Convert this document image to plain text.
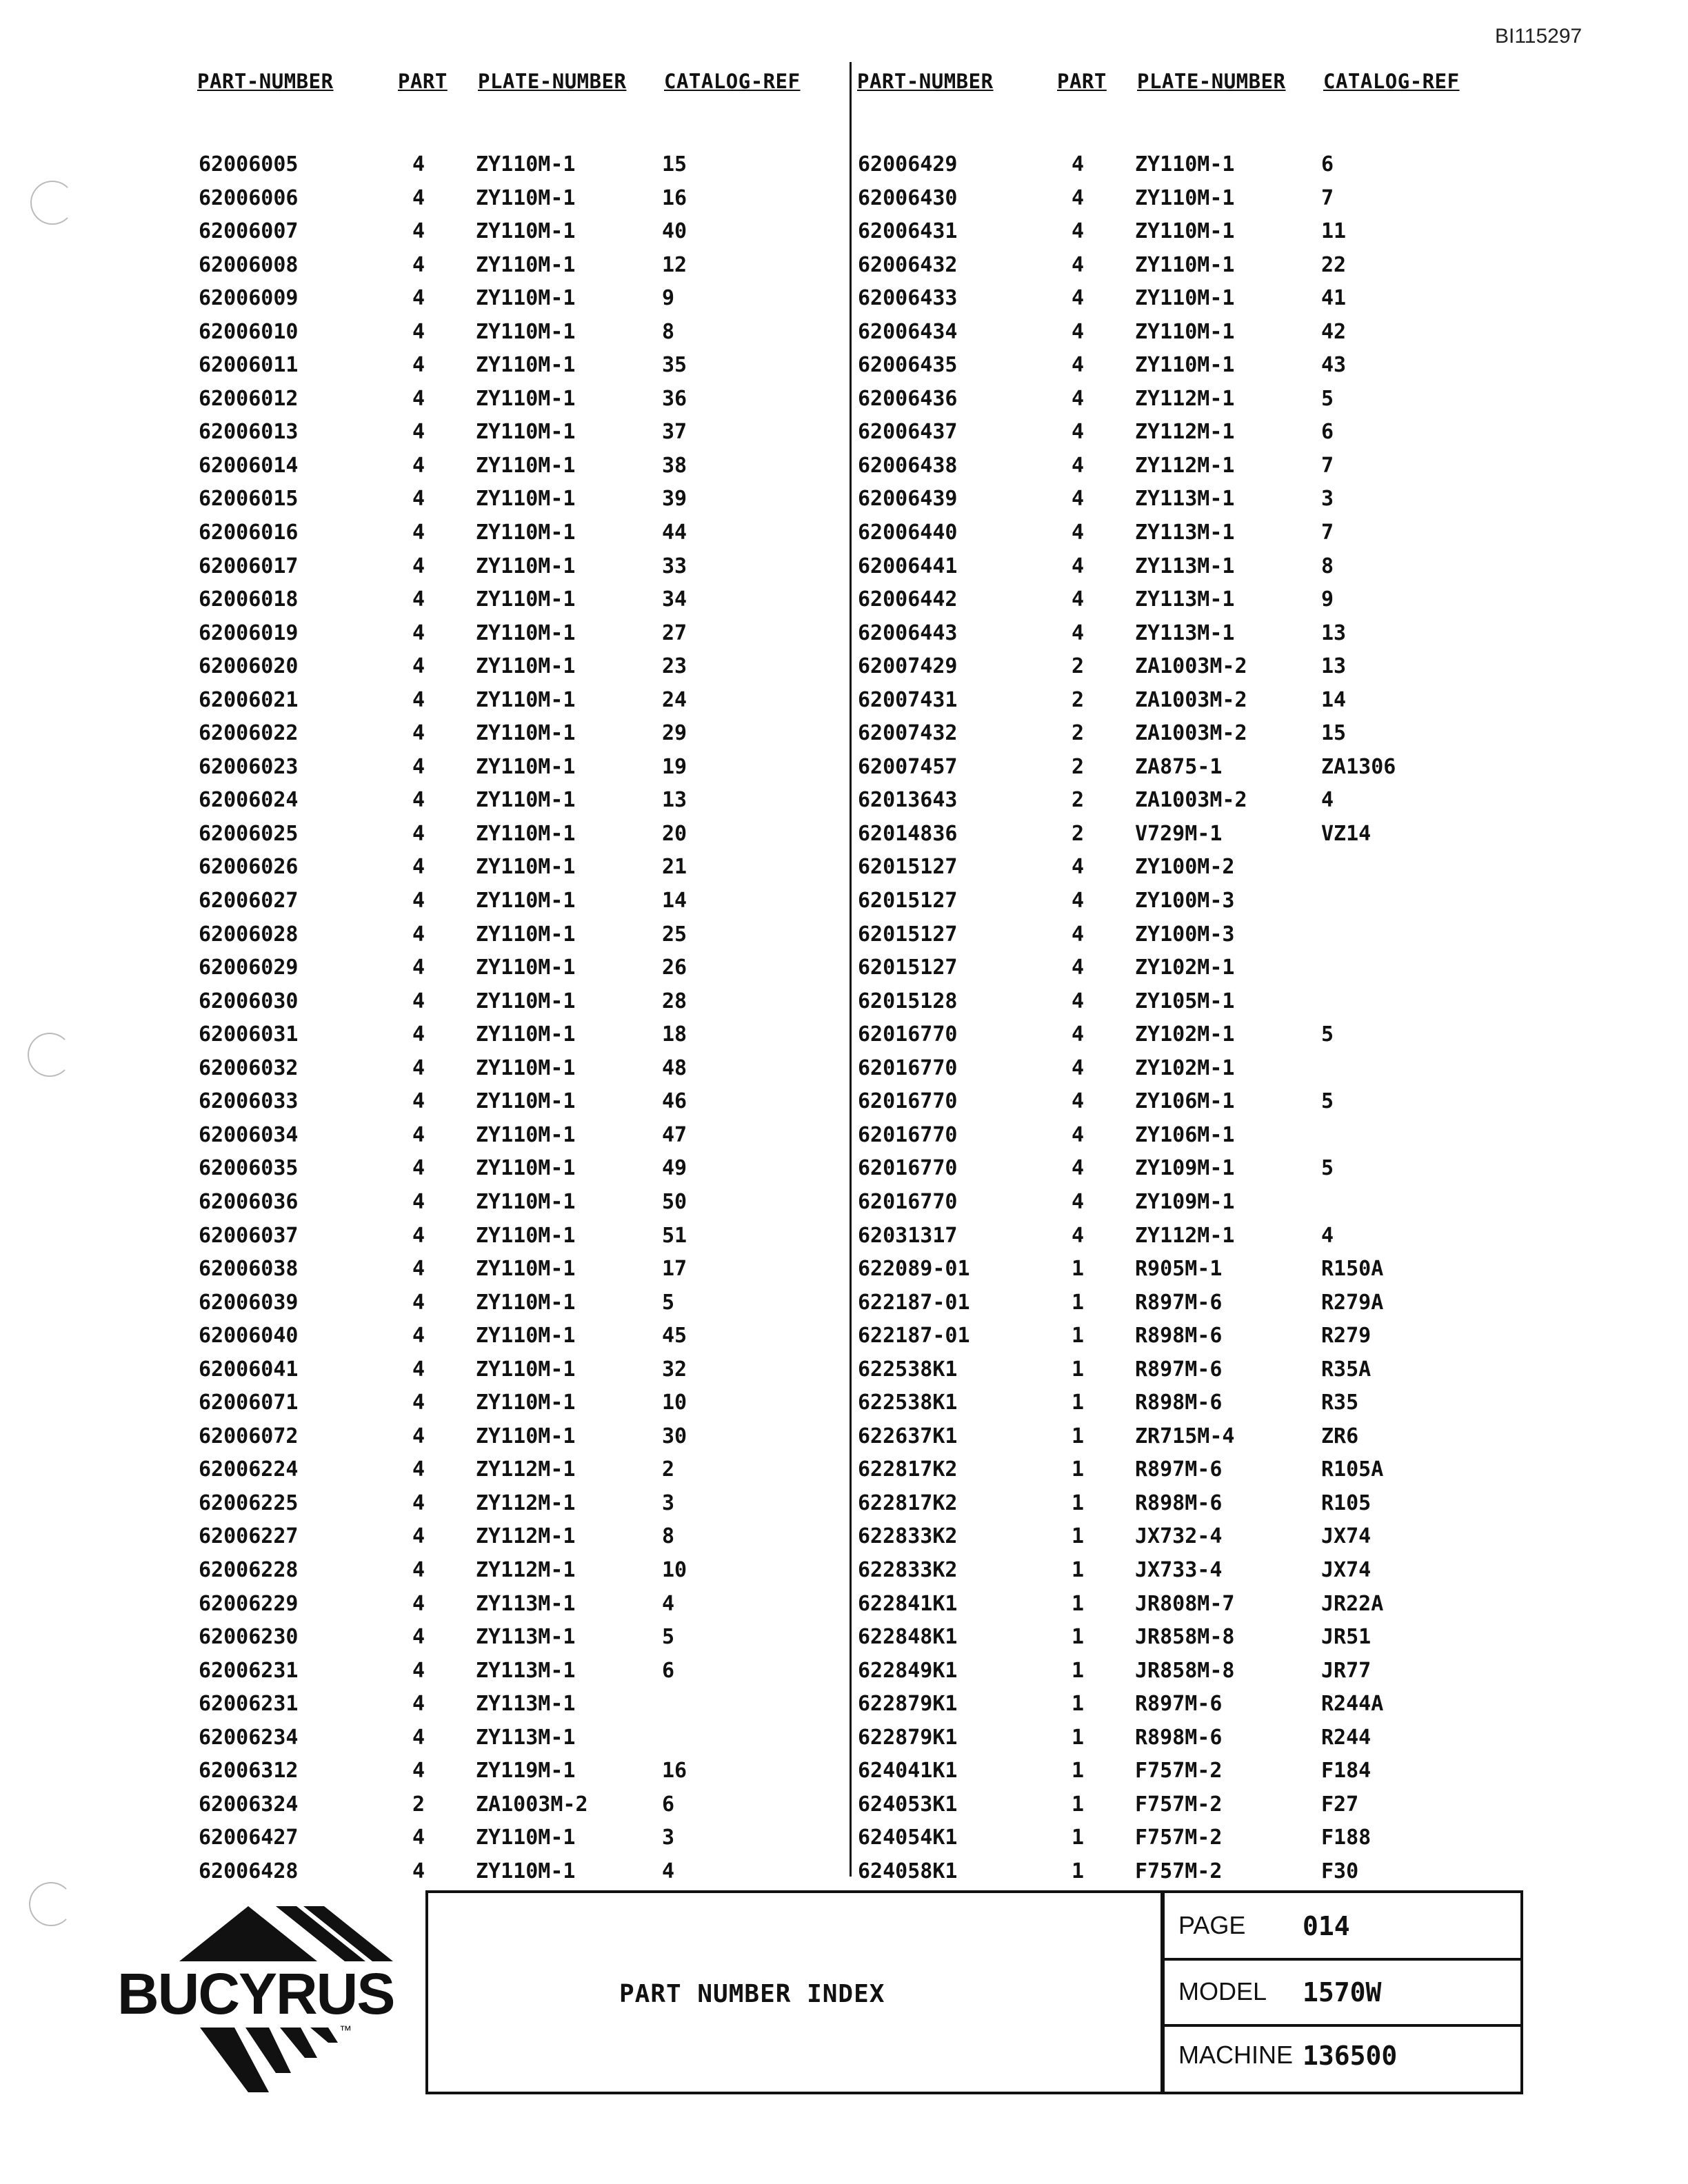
BI115297
PART-NUMBER	PART PLATE-NUMBER CATALOG-REF	PART-NUMBER	PART PLATE-NUMBER CATALOG-REF
62006005	4 ZY110M-1	15
62006006	4 ZY110M-1	16
62006007	4 ZY110M-1	40
62006008	4 ZY110M-1	12
62006009	4 ZY110M-1	9
62006010	4 ZY110M-1	8
62006011	4 ZY110M-1	35
62006012	4 ZY110M-1	36
62006013	4 ZY110M-1	37
62006014	4 ZY110M-1	38
62006015	4 ZY110M-1	39
62006016	4 ZY110M-1	44
62006017	4 ZY110M-1	33
62006018	4 ZY110M-1	34
62006019	4 ZY110M-1	27
62006020	4 ZY110M-1	23
62006021	4 ZY110M-1	24
62006022	4 ZY110M-1	29
62006023	4 ZY110M-1	19
62006024	4 ZY110M-1	13
62006025	4 ZY110M-1	20
62006026	4 ZY110M-1	21
62006027	4 ZY110M-1	14
62006028	4 ZY110M-1	25
62006029	4 ZY110M-1	26
62006030	4 ZY110M-1	28
62006031	4 ZY110M-1	18
62006032	4 ZY110M-1	48
62006033	4 ZY110M-1	46
62006034	4 ZY110M-1	47
62006035	4 ZY110M-1	49
62006036	4 ZY110M-1	50
62006037	4 ZY110M-1	51
62006038	4 ZY110M-1	17
62006039	4 ZY110M-1	5
62006040	4 ZY110M-1	45
62006041	4 ZY110M-1	32
62006071	4 ZY110M-1	10
62006072	4 ZY110M-1	30
62006224	4 ZY112M-1	2
62006225	4 ZY112M-1	3
62006227	4 ZY112M-1	8
62006228	4 ZY112M-1	10
62006229	4 ZY113M-1	4
62006230	4 ZY113M-1	5
62006231	4 ZY113M-1	6
62006231	4 ZY113M-1
62006234	4 ZY113M-1
62006312	4 ZY119M-1	16
62006324	2 ZA1003M-2	6
62006427	4 ZY110M-1	3
62006428	4 ZY110M-1	4
62006429	4 ZY110M-1	6
62006430	4 ZY110M-1	7
62006431	4 ZY110M-1	11
62006432	4 ZY110M-1	22
62006433	4 ZY110M-1	41
62006434	4 ZY110M-1	42
62006435	4 ZY110M-1	43
62006436	4 ZY112M-1	5
62006437	4 ZY112M-1	6
62006438	4 ZY112M-1	7
62006439	4 ZY113M-1	3
62006440	4 ZY113M-1	7
62006441	4 ZY113M-1	8
62006442	4 ZY113M-1	9
62006443	4 ZY113M-1	13
62007429	2 ZA1003M-2	13
62007431	2 ZA1003M-2	14
62007432	2 ZA1003M-2	15
62007457	2 ZA875-1	ZA1306
62013643	2 ZA1003M-2	4
62014836	2 V729M-1	VZ14
62015127	4 ZY100M-2
62015127	4 ZY100M-3
62015127	4 ZY100M-3
62015127	4 ZY102M-1
62015128	4 ZY105M-1
62016770	4 ZY102M-1	5
62016770	4 ZY102M-1
62016770	4 ZY106M-1	5
62016770	4 ZY106M-1
62016770	4 ZY109M-1	5
62016770	4 ZY109M-1
62031317	4 ZY112M-1	4
622089-01	1 R905M-1	R150A
622187-01	1 R897M-6	R279A
622187-01	1 R898M-6	R279
622538K1	1 R897M-6	R35A
622538K1	1 R898M-6	R35
622637K1	1 ZR715M-4	ZR6
622817K2	1 R897M-6	R105A
622817K2	1 R898M-6	R105
622833K2	1 JX732-4	JX74
622833K2	1 JX733-4	JX74
622841K1	1 JR808M-7	JR22A
622848K1	1 JR858M-8	JR51
622849K1	1 JR858M-8	JR77
622879K1	1 R897M-6	R244A
622879K1	1 R898M-6	R244
624041K1	1 F757M-2	F184
624053K1	1 F757M-2	F27
624054K1	1 F757M-2	F188
624058K1	1 F757M-2	F30
BUCYRUS
™
PART NUMBER INDEX
PAGE 014
MODEL 1570W
MACHINE 136500
